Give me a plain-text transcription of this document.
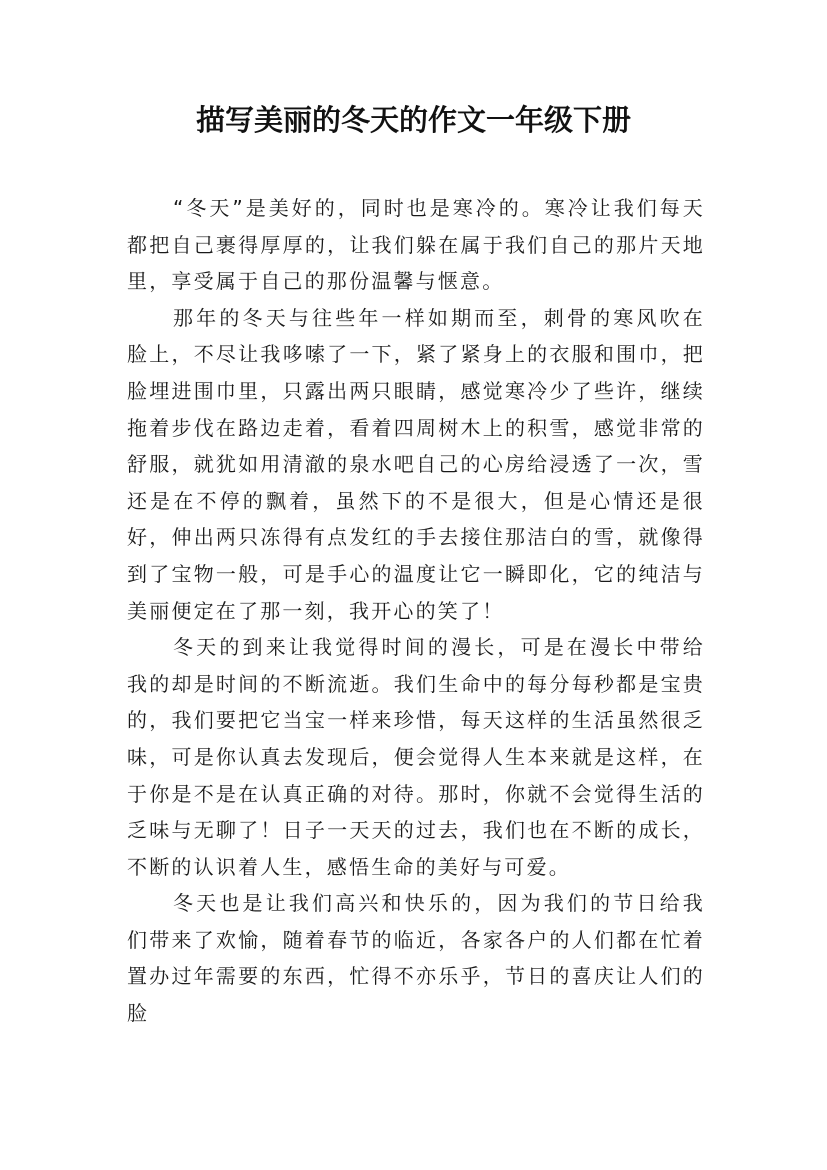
描写美丽的冬天的作文一年级下册

“冬天”是美好的，同时也是寒冷的。寒冷让我们每天都把自己裹得厚厚的，让我们躲在属于我们自己的那片天地里，享受属于自己的那份温馨与惬意。

那年的冬天与往些年一样如期而至，刺骨的寒风吹在脸上，不尽让我哆嗦了一下，紧了紧身上的衣服和围巾，把脸埋进围巾里，只露出两只眼睛，感觉寒冷少了些许，继续拖着步伐在路边走着，看着四周树木上的积雪，感觉非常的舒服，就犹如用清澈的泉水吧自己的心房给浸透了一次，雪还是在不停的飘着，虽然下的不是很大，但是心情还是很好，伸出两只冻得有点发红的手去接住那洁白的雪，就像得到了宝物一般，可是手心的温度让它一瞬即化，它的纯洁与美丽便定在了那一刻，我开心的笑了！

冬天的到来让我觉得时间的漫长，可是在漫长中带给我的却是时间的不断流逝。我们生命中的每分每秒都是宝贵的，我们要把它当宝一样来珍惜，每天这样的生活虽然很乏味，可是你认真去发现后，便会觉得人生本来就是这样，在于你是不是在认真正确的对待。那时，你就不会觉得生活的乏味与无聊了！日子一天天的过去，我们也在不断的成长，不断的认识着人生，感悟生命的美好与可爱。

冬天也是让我们高兴和快乐的，因为我们的节日给我们带来了欢愉，随着春节的临近，各家各户的人们都在忙着置办过年需要的东西，忙得不亦乐乎，节日的喜庆让人们的脸
